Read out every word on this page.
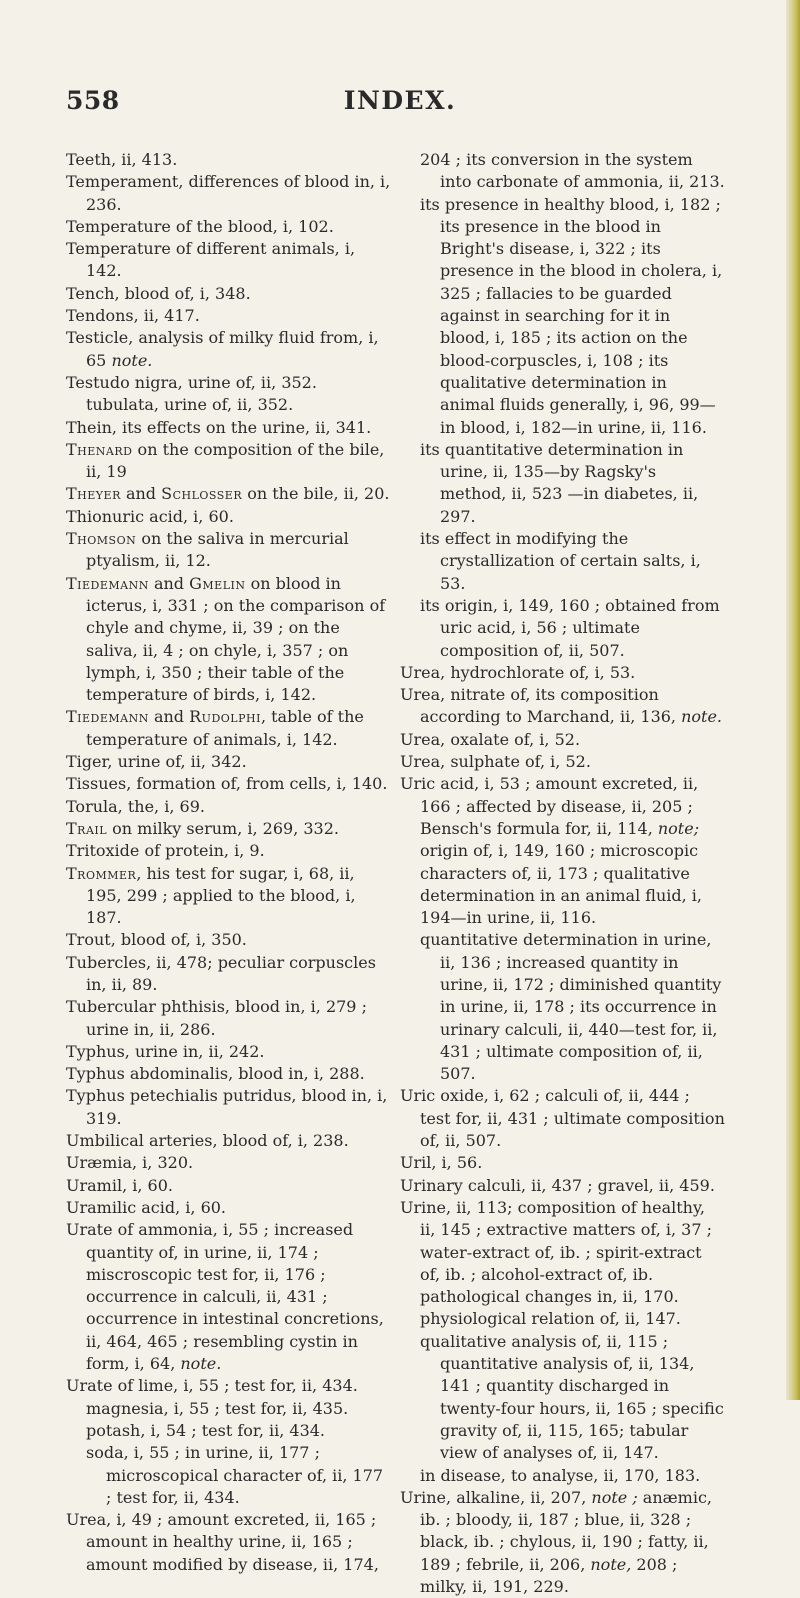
558	INDEX.

Teeth, ii, 413.

Temperament, differences of blood in, i, 236.

Temperature of the blood, i, 102.

Temperature of different animals, i, 142.

Tench, blood of, i, 348.

Tendons, ii, 417.

Testicle, analysis of milky fluid from, i, 65 note.

Testudo nigra, urine of, ii, 352.

tubulata, urine of, ii, 352.

Thein, its effects on the urine, ii, 341.

Thenard on the composition of the bile, ii, 19

Theyer and Schlosser on the bile, ii, 20.

Thionuric acid, i, 60.

Thomson on the saliva in mercurial ptyalism, ii, 12.

Tiedemann and Gmelin on blood in icterus, i, 331 ; on the comparison of chyle and chyme, ii, 39 ; on the saliva, ii, 4 ; on chyle, i, 357 ; on lymph, i, 350 ; their table of the temperature of birds, i, 142.

Tiedemann and Rudolphi, table of the temperature of animals, i, 142.

Tiger, urine of, ii, 342.

Tissues, formation of, from cells, i, 140.

Torula, the, i, 69.

Trail on milky serum, i, 269, 332.

Tritoxide of protein, i, 9.

Trommer, his test for sugar, i, 68, ii, 195, 299 ; applied to the blood, i, 187.

Trout, blood of, i, 350.

Tubercles, ii, 478; peculiar corpuscles in, ii, 89.

Tubercular phthisis, blood in, i, 279 ; urine in, ii, 286.

Typhus, urine in, ii, 242.

Typhus abdominalis, blood in, i, 288.

Typhus petechialis putridus, blood in, i, 319.

Umbilical arteries, blood of, i, 238.

Uræmia, i, 320.

Uramil, i, 60.

Uramilic acid, i, 60.

Urate of ammonia, i, 55 ; increased quantity of, in urine, ii, 174 ; miscroscopic test for, ii, 176 ; occurrence in calculi, ii, 431 ; occurrence in intestinal concretions, ii, 464, 465 ; resembling cystin in form, i, 64, note.

Urate of lime, i, 55 ; test for, ii, 434.

magnesia, i, 55 ; test for, ii, 435.

potash, i, 54 ; test for, ii, 434.

soda, i, 55 ; in urine, ii, 177 ; microscopical character of, ii, 177 ; test for, ii, 434.

Urea, i, 49 ; amount excreted, ii, 165 ; amount in healthy urine, ii, 165 ; amount modified by disease, ii, 174,

204 ; its conversion in the system into carbonate of ammonia, ii, 213.

its presence in healthy blood, i, 182 ; its presence in the blood in Bright's disease, i, 322 ; its presence in the blood in cholera, i, 325 ; fallacies to be guarded against in searching for it in blood, i, 185 ; its action on the blood-corpuscles, i, 108 ; its qualitative determination in animal fluids generally, i, 96, 99—in blood, i, 182—in urine, ii, 116.

its quantitative determination in urine, ii, 135—by Ragsky's method, ii, 523 —in diabetes, ii, 297.

its effect in modifying the crystallization of certain salts, i, 53.

its origin, i, 149, 160 ; obtained from uric acid, i, 56 ; ultimate composition of, ii, 507.

Urea, hydrochlorate of, i, 53.

Urea, nitrate of, its composition according to Marchand, ii, 136, note.

Urea, oxalate of, i, 52.

Urea, sulphate of, i, 52.

Uric acid, i, 53 ; amount excreted, ii, 166 ; affected by disease, ii, 205 ; Bensch's formula for, ii, 114, note; origin of, i, 149, 160 ; microscopic characters of, ii, 173 ; qualitative determination in an animal fluid, i, 194—in urine, ii, 116.

quantitative determination in urine, ii, 136 ; increased quantity in urine, ii, 172 ; diminished quantity in urine, ii, 178 ; its occurrence in urinary calculi, ii, 440—test for, ii, 431 ; ultimate composition of, ii, 507.

Uric oxide, i, 62 ; calculi of, ii, 444 ; test for, ii, 431 ; ultimate composition of, ii, 507.

Uril, i, 56.

Urinary calculi, ii, 437 ; gravel, ii, 459.

Urine, ii, 113; composition of healthy, ii, 145 ; extractive matters of, i, 37 ; water-extract of, ib. ; spirit-extract of, ib. ; alcohol-extract of, ib.

pathological changes in, ii, 170.

physiological relation of, ii, 147.

qualitative analysis of, ii, 115 ; quantitative analysis of, ii, 134, 141 ; quantity discharged in twenty-four hours, ii, 165 ; specific gravity of, ii, 115, 165; tabular view of analyses of, ii, 147.

in disease, to analyse, ii, 170, 183.

Urine, alkaline, ii, 207, note ; anæmic, ib. ; bloody, ii, 187 ; blue, ii, 328 ; black, ib. ; chylous, ii, 190 ; fatty, ii, 189 ; febrile, ii, 206, note, 208 ; milky, ii, 191, 229.
